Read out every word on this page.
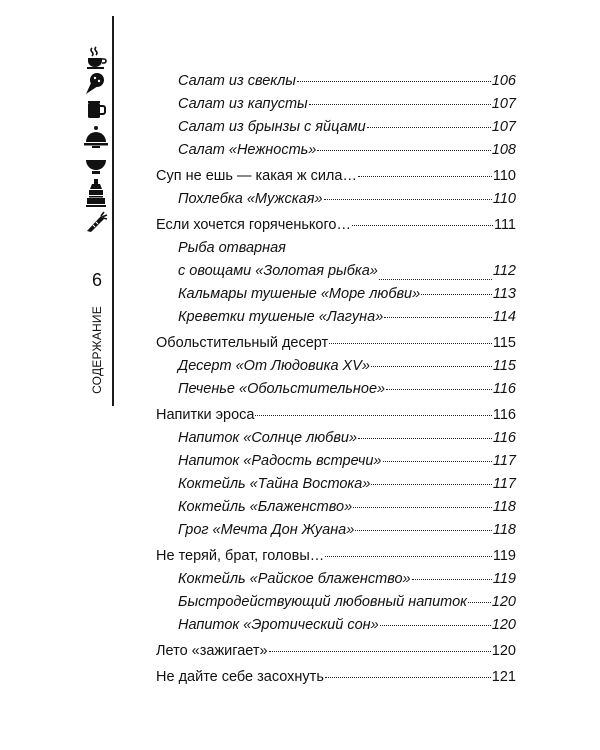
6
СОДЕРЖАНИЕ
Салат из свеклы	106
Салат из капусты	107
Салат из брынзы с яйцами	107
Салат «Нежность»	108
Суп не ешь — какая ж сила…	110
Похлебка «Мужская»	110
Если хочется горяченького…	111
Рыба отварная
с овощами «Золотая рыбка»	112
Кальмары тушеные «Море любви»	113
Креветки тушеные «Лагуна»	114
Обольстительный десерт	115
Десерт «От Людовика XV»	115
Печенье «Обольстительное»	116
Напитки эроса	116
Напиток «Солнце любви»	116
Напиток «Радость встречи»	117
Коктейль «Тайна Востока»	117
Коктейль «Блаженство»	118
Грог «Мечта Дон Жуана»	118
Не теряй, брат, головы…	119
Коктейль «Райское блаженство»	119
Быстродействующий любовный напиток 120
Напиток «Эротический сон»	120
Лето «зажигает»	120
Не дайте себе засохнуть	121
